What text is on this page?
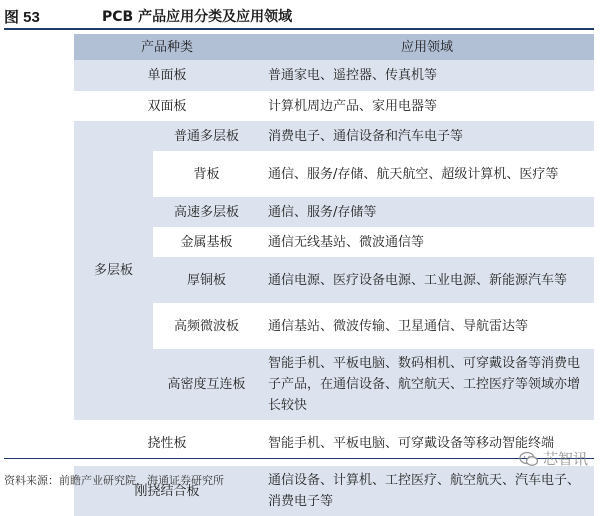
图 53	PCB 产品应用分类及应用领域
产品种类		应用领域
单面板		普通家电、遥控器、传真机等
双面板		计算机周边产品、家用电器等
多层板	普通多层板	消费电子、通信设备和汽车电子等
	背板	通信、服务/存储、航天航空、超级计算机、医疗等
	高速多层板	通信、服务/存储等
	金属基板	通信无线基站、微波通信等
	厚铜板	通信电源、医疗设备电源、工业电源、新能源汽车等
	高频微波板	通信基站、微波传输、卫星通信、导航雷达等
	高密度互连板	智能手机、平板电脑、数码相机、可穿戴设备等消费电子产品，在通信设备、航空航天、工控医疗等领域亦增长较快
挠性板		智能手机、平板电脑、可穿戴设备等移动智能终端
刚挠结合板		通信设备、计算机、工控医疗、航空航天、汽车电子、消费电子等
资料来源：前瞻产业研究院，海通证券研究所
芯智讯
